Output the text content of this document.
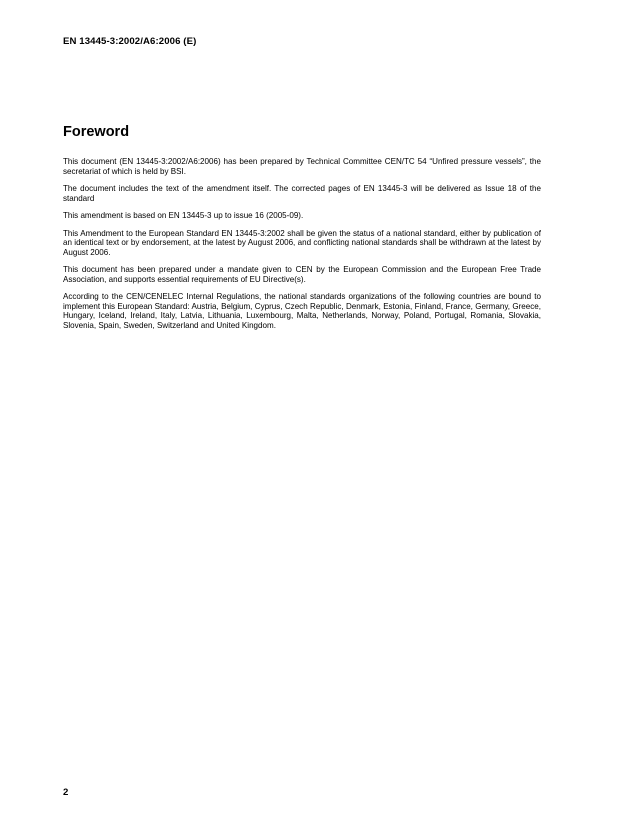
EN 13445-3:2002/A6:2006 (E)
Foreword

This document (EN 13445-3:2002/A6:2006) has been prepared by Technical Committee CEN/TC 54 “Unfired pressure vessels”, the secretariat of which is held by BSI.

The document includes the text of the amendment itself. The corrected pages of EN 13445-3 will be delivered as Issue 18 of the standard

This amendment is based on EN 13445-3 up to issue 16 (2005-09).

This Amendment to the European Standard EN 13445-3:2002 shall be given the status of a national standard, either by publication of an identical text or by endorsement, at the latest by August 2006, and conflicting national standards shall be withdrawn at the latest by August 2006.

This document has been prepared under a mandate given to CEN by the European Commission and the European Free Trade Association, and supports essential requirements of EU Directive(s).

According to the CEN/CENELEC Internal Regulations, the national standards organizations of the following countries are bound to implement this European Standard: Austria, Belgium, Cyprus, Czech Republic, Denmark, Estonia, Finland, France, Germany, Greece, Hungary, Iceland, Ireland, Italy, Latvia, Lithuania, Luxembourg, Malta, Netherlands, Norway, Poland, Portugal, Romania, Slovakia, Slovenia, Spain, Sweden, Switzerland and United Kingdom.

2
